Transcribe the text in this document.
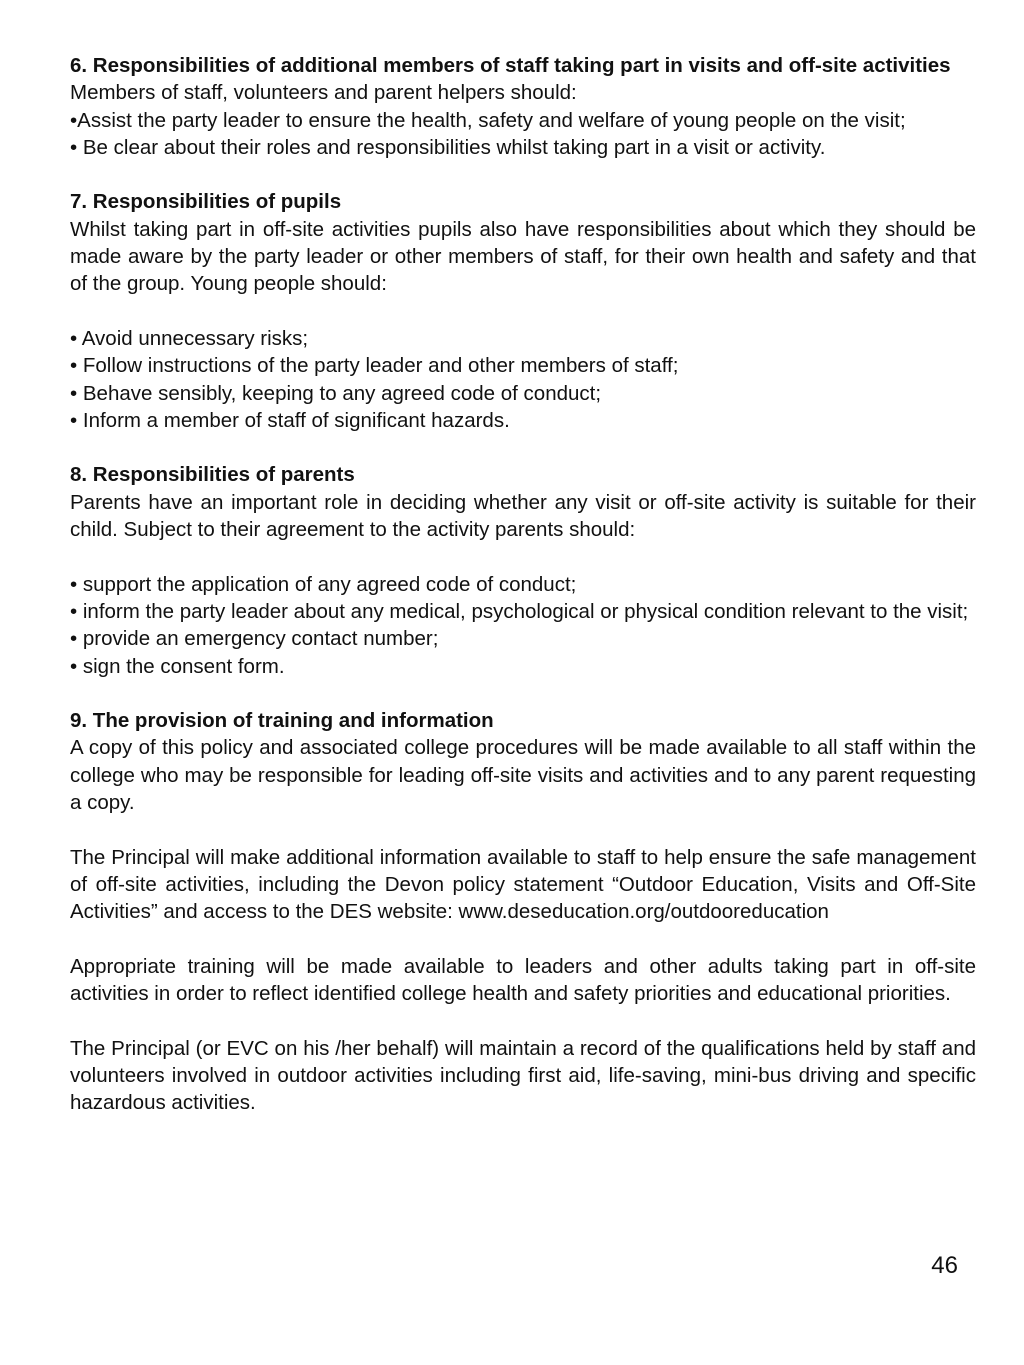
6. Responsibilities of additional members of staff taking part in visits and off-site activities

Members of staff, volunteers and parent helpers should:

•Assist the party leader to ensure the health, safety and welfare of young people on the visit;

• Be clear about their roles and responsibilities whilst taking part in a visit or activity.

7. Responsibilities of pupils

Whilst taking part in off-site activities pupils also have responsibilities about which they should be made aware by the party leader or other members of staff, for their own health and safety and that of the group. Young people should:

• Avoid unnecessary risks;

• Follow instructions of the party leader and other members of staff;

• Behave sensibly, keeping to any agreed code of conduct;

• Inform a member of staff of significant hazards.

8. Responsibilities of parents

Parents have an important role in deciding whether any visit or off-site activity is suitable for their child. Subject to their agreement to the activity parents should:

• support the application of any agreed code of conduct;

• inform the party leader about any medical, psychological or physical condition relevant to the visit;

• provide an emergency contact number;

• sign the consent form.

9. The provision of training and information

A copy of this policy and associated college procedures will be made available to all staff within the college who may be responsible for leading off-site visits and activities and to any parent requesting a copy.

The Principal will make additional information available to staff to help ensure the safe management of off-site activities, including the Devon policy statement “Outdoor Education, Visits and Off-Site Activities” and access to the DES website: www.deseducation.org/outdooreducation

Appropriate training will be made available to leaders and other adults taking part in off-site activities in order to reflect identified college health and safety priorities and educational priorities.

The Principal (or EVC on his /her behalf) will maintain a record of the qualifications held by staff and volunteers involved in outdoor activities including first aid, life-saving, mini-bus driving and specific hazardous activities.

46
